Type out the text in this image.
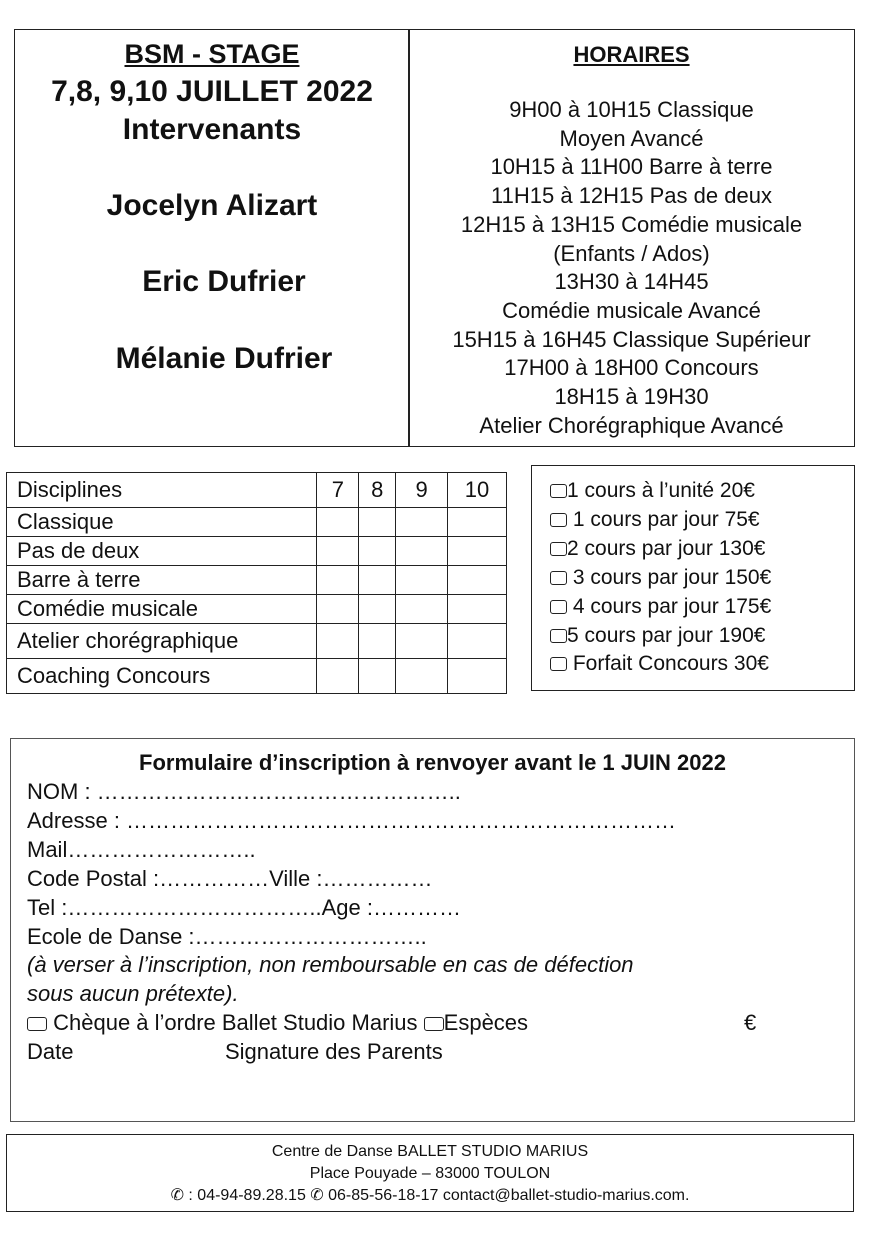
BSM - STAGE
7,8, 9,10 JUILLET 2022
Intervenants
Jocelyn Alizart
Eric Dufrier
Mélanie Dufrier
HORAIRES
9H00 à 10H15 Classique
Moyen Avancé
10H15 à 11H00 Barre à terre
11H15 à 12H15 Pas de deux
12H15 à 13H15 Comédie musicale
(Enfants / Ados)
13H30 à 14H45
Comédie musicale Avancé
15H15 à 16H45 Classique Supérieur
17H00 à 18H00 Concours
18H15 à 19H30
Atelier Chorégraphique Avancé
Disciplines	7	8	9	10
Classique				
Pas de deux				
Barre à terre				
Comédie musicale				
Atelier chorégraphique				
Coaching Concours				
1 cours à l’unité 20€
1 cours par jour 75€
2 cours par jour 130€
3 cours par jour 150€
4 cours par jour 175€
5 cours par jour 190€
Forfait Concours 30€
Formulaire d’inscription à renvoyer avant le 1 JUIN 2022
NOM : …………………………………………..
Adresse : …………………………………………………………………
Mail……………………..
Code Postal :……………Ville :……………
Tel :……………………………..Age :…………
Ecole de Danse :…………………………..
(à verser à l’inscription, non remboursable en cas de défection
sous aucun prétexte).
Chèque à l’ordre Ballet Studio Marius Espèces	€
Date	Signature des Parents
Centre de Danse BALLET STUDIO MARIUS
Place Pouyade – 83000 TOULON
✆ : 04-94-89.28.15 ✆ 06-85-56-18-17 contact@ballet-studio-marius.com.
